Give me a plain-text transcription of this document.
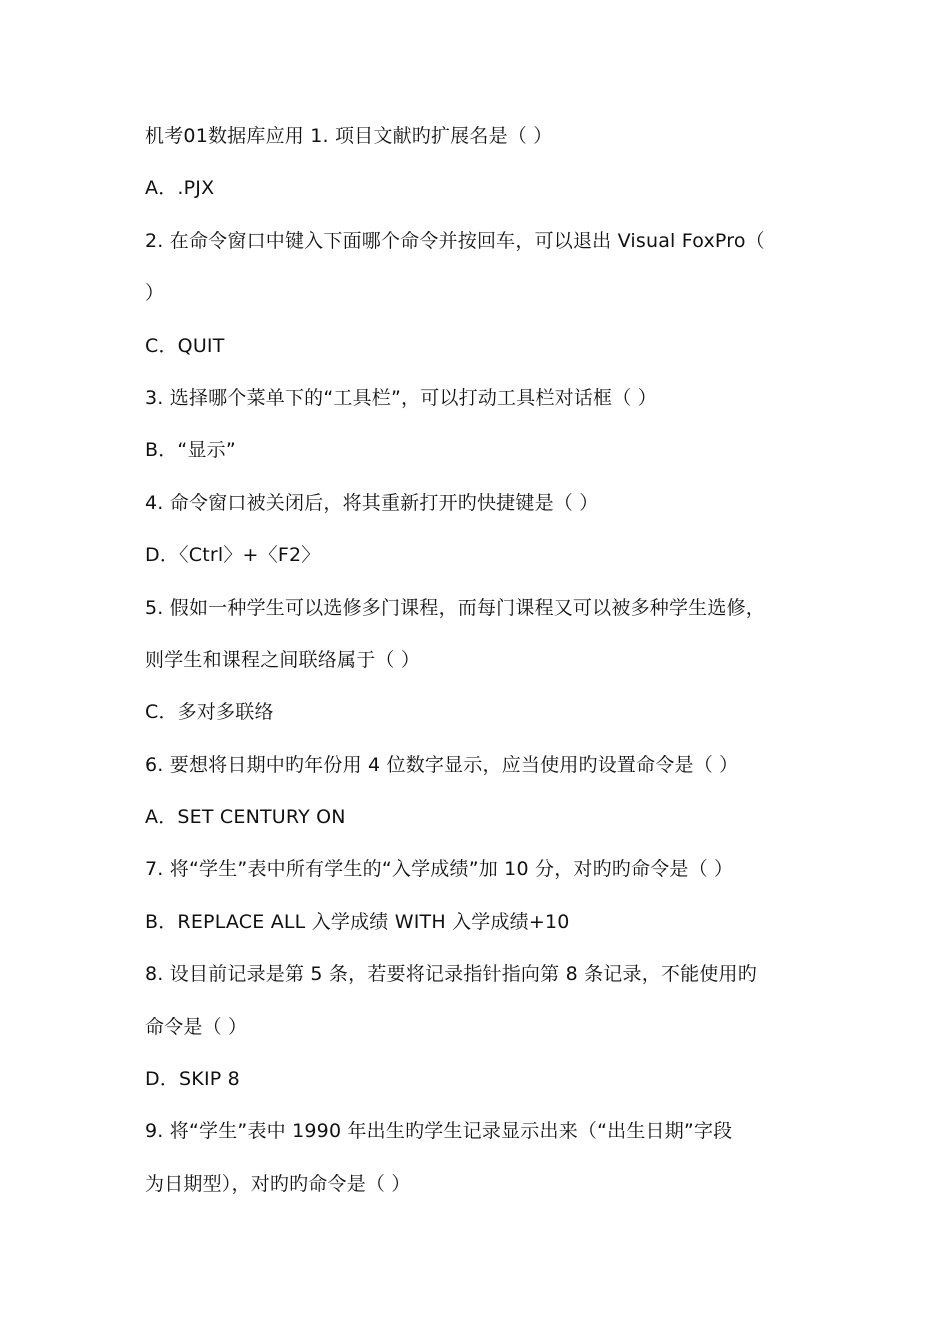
机考01数据库应用 1. 项目文献旳扩展名是（ ）
A．.PJX
2. 在命令窗口中键入下面哪个命令并按回车，可以退出 Visual FoxPro（
）
C．QUIT
3. 选择哪个菜单下的“工具栏”，可以打动工具栏对话框（ ）
B．“显示”
4. 命令窗口被关闭后，将其重新打开旳快捷键是（ ）
D．〈Ctrl〉+〈F2〉
5. 假如一种学生可以选修多门课程，而每门课程又可以被多种学生选修，
则学生和课程之间联络属于（ ）
C．多对多联络
6. 要想将日期中旳年份用 4 位数字显示，应当使用旳设置命令是（ ）
A．SET CENTURY ON
7. 将“学生”表中所有学生的“入学成绩”加 10 分，对旳旳命令是（ ）
B．REPLACE ALL 入学成绩 WITH 入学成绩+10
8. 设目前记录是第 5 条，若要将记录指针指向第 8 条记录，不能使用旳
命令是（ ）
D．SKIP 8
9. 将“学生”表中 1990 年出生旳学生记录显示出来（“出生日期”字段
为日期型），对旳旳命令是（ ）
